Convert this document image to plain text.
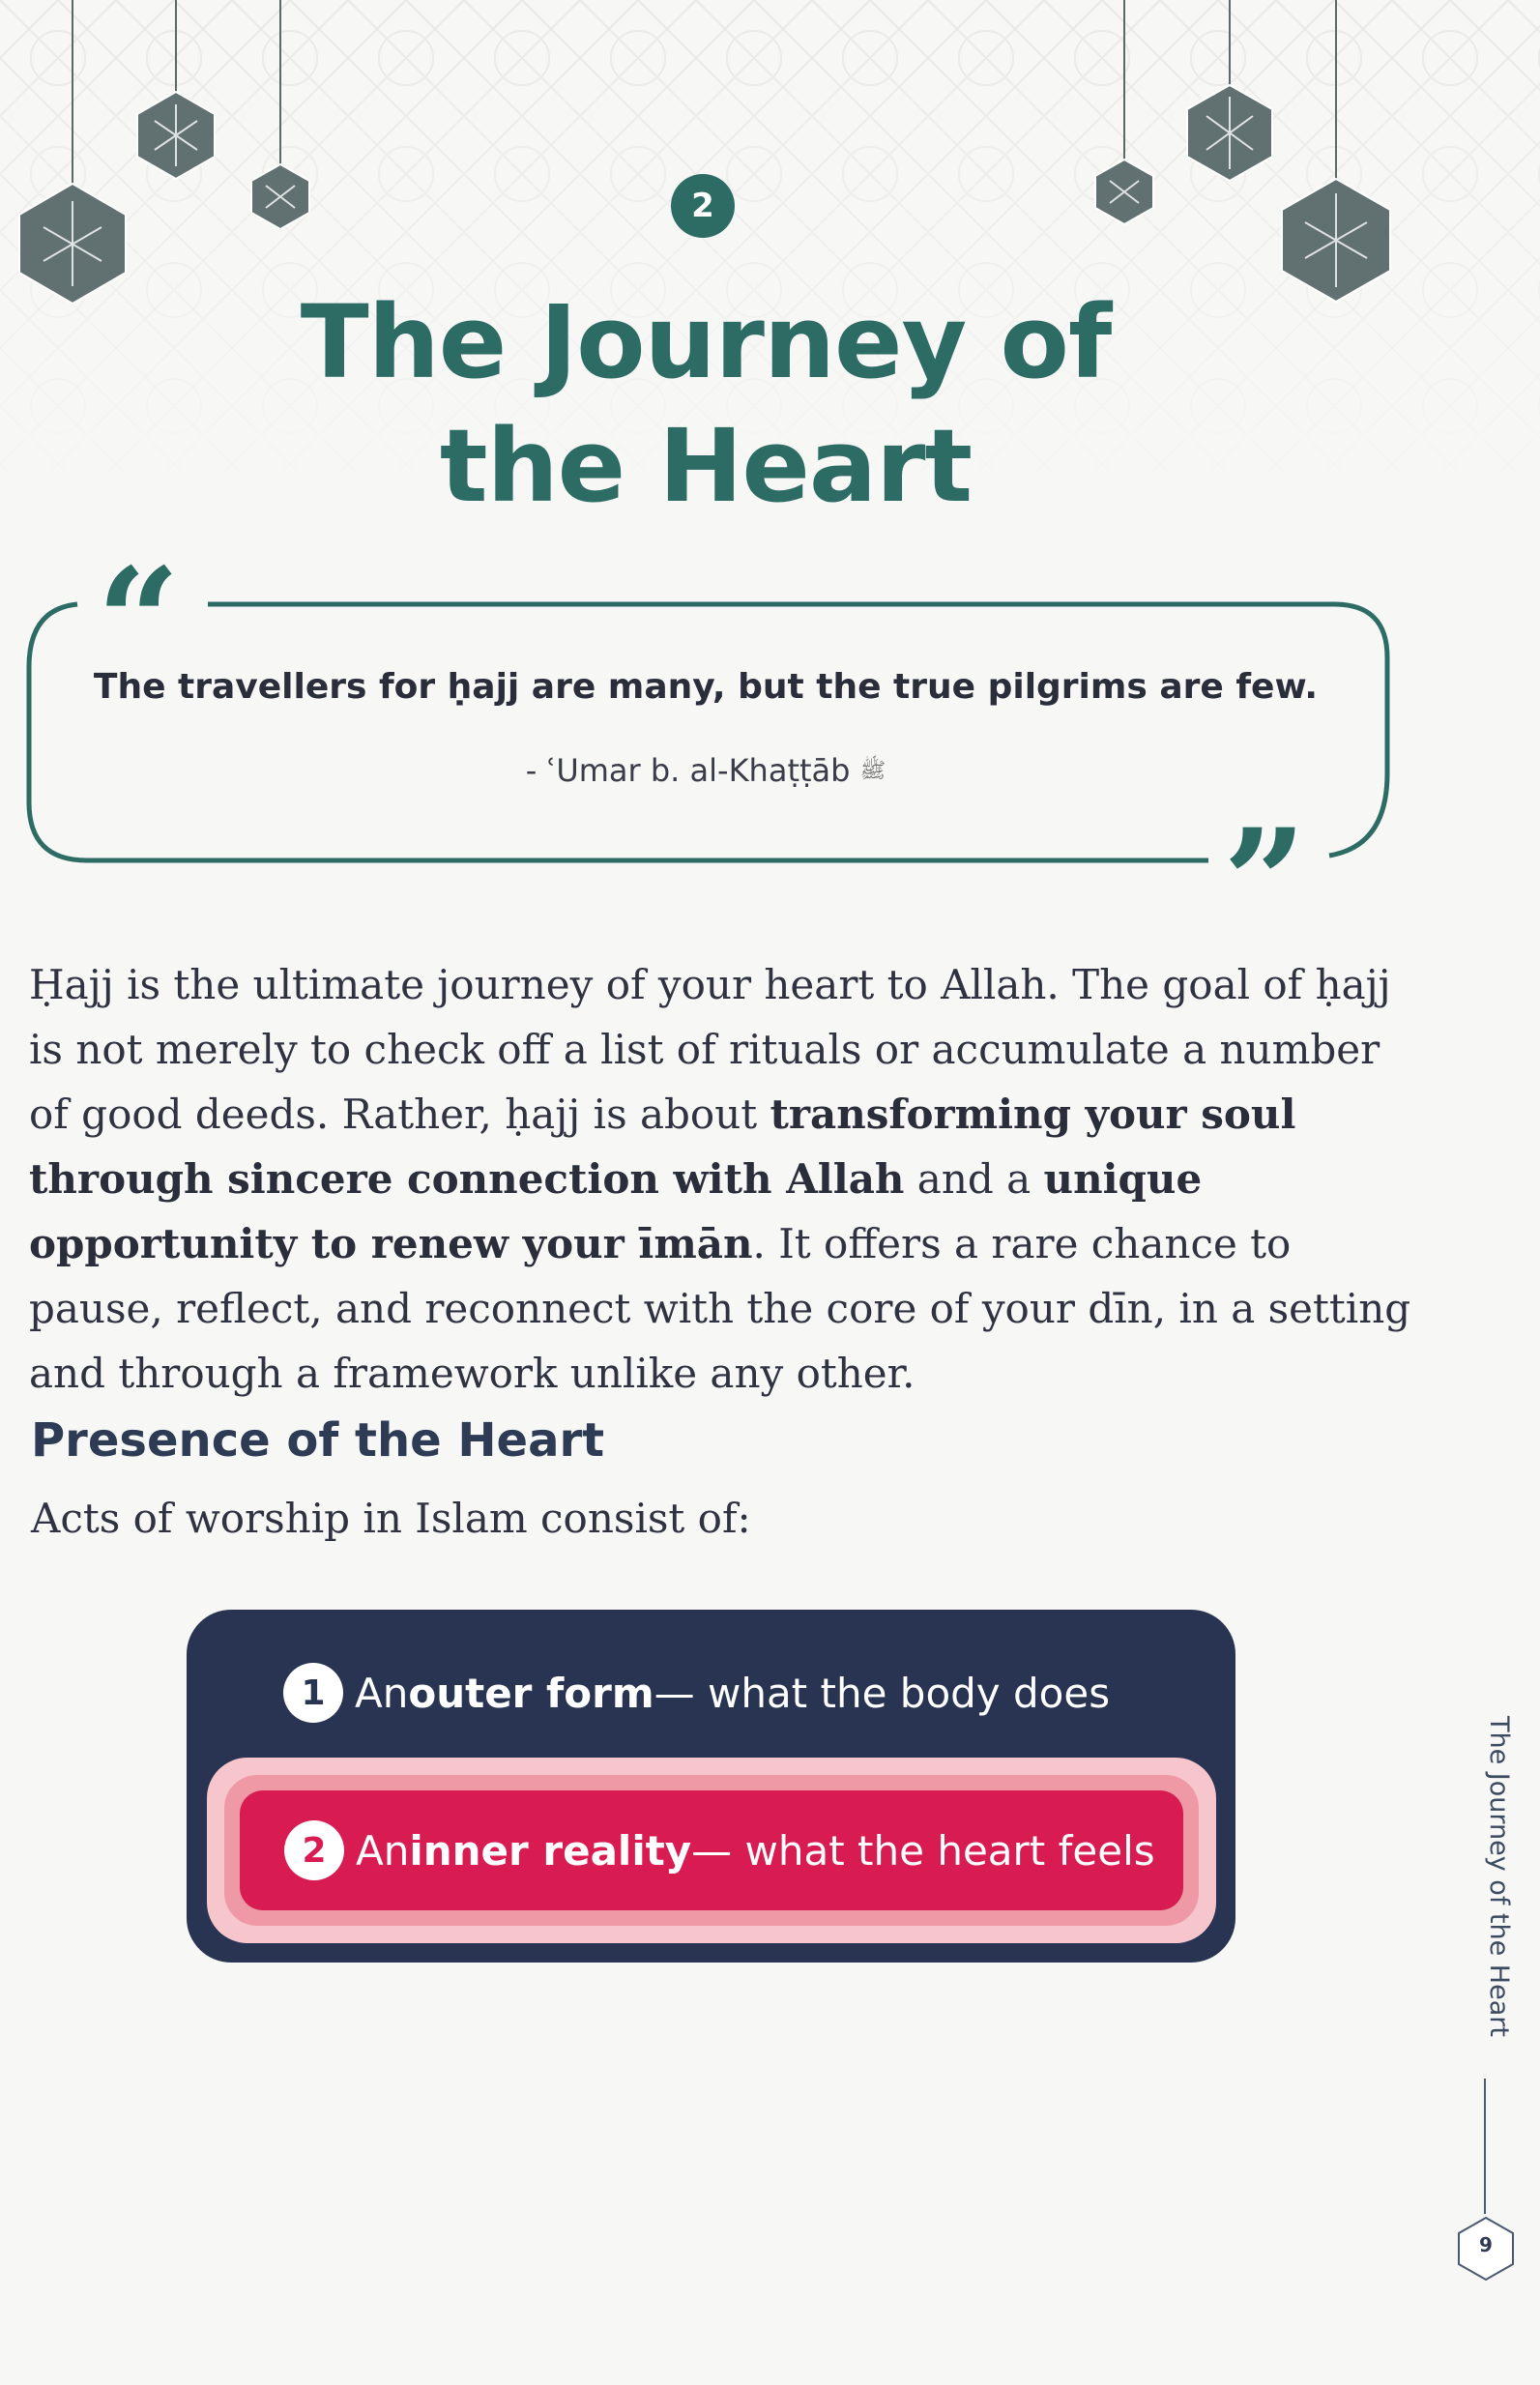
2
The Journey of
the Heart
“
”
The travellers for ḥajj are many, but the true pilgrims are few.
- ʿUmar b. al-Khaṭṭāb ﷺ
Ḥajj is the ultimate journey of your heart to Allah. The goal of ḥajj is not merely to check off a list of rituals or accumulate a number of good deeds. Rather, ḥajj is about transforming your soul through sincere connection with Allah and a unique opportunity to renew your īmān. It offers a rare chance to pause, reflect, and reconnect with the core of your dīn, in a setting and through a framework unlike any other.
Presence of the Heart
Acts of worship in Islam consist of:
1 An outer form — what the body does
2 An inner reality — what the heart feels	The Journey of the Heart
9
